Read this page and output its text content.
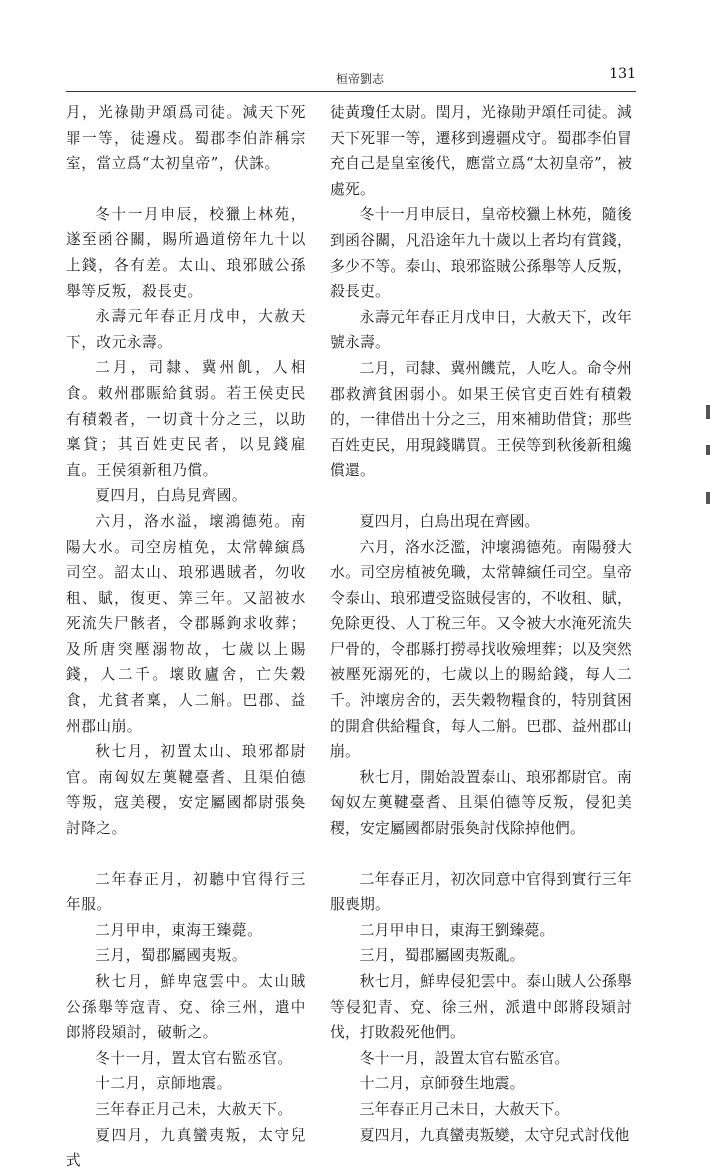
桓帝劉志	131

月，光祿勛尹頌爲司徒。減天下死罪一等，徒邊戍。蜀郡李伯詐稱宗室，當立爲“太初皇帝”，伏誅。

冬十一月申辰，校獵上林苑，遂至函谷關，賜所過道傍年九十以上錢，各有差。太山、琅邪賊公孫舉等反叛，殺長吏。

永壽元年春正月戊申，大赦天下，改元永壽。

二月，司隸、冀州飢，人相食。敕州郡賑給貧弱。若王侯吏民有積穀者，一切貣十分之三，以助稟貸；其百姓吏民者，以見錢雇直。王侯須新租乃償。

夏四月，白鳥見齊國。

六月，洛水溢，壞鴻德苑。南陽大水。司空房植免，太常韓縯爲司空。詔太山、琅邪遇賊者，勿收租、賦，復更、筭三年。又詔被水死流失尸骸者，令郡縣鉤求收葬；及所唐突壓溺物故，七歲以上賜錢，人二千。壞敗廬舍，亡失穀食，尤貧者稟，人二斛。巴郡、益州郡山崩。

秋七月，初置太山、琅邪都尉官。南匈奴左薁鞬臺耆、且渠伯德等叛，寇美稷，安定屬國都尉張奐討降之。

二年春正月，初聽中官得行三年服。

二月甲申，東海王臻薨。

三月，蜀郡屬國夷叛。

秋七月，鮮卑寇雲中。太山賊公孫舉等寇青、兗、徐三州，遣中郎將段熲討，破斬之。

冬十一月，置太官右監丞官。

十二月，京師地震。

三年春正月己未，大赦天下。

夏四月，九真蠻夷叛，太守兒式

徒黃瓊任太尉。閏月，光祿勛尹頌任司徒。減天下死罪一等，遷移到邊疆戍守。蜀郡李伯冒充自己是皇室後代，應當立爲“太初皇帝”，被處死。

冬十一月申辰日，皇帝校獵上林苑，隨後到函谷關，凡沿途年九十歲以上者均有賞錢，多少不等。泰山、琅邪盜賊公孫舉等人反叛，殺長吏。

永壽元年春正月戊申日，大赦天下，改年號永壽。

二月，司隸、冀州饑荒，人吃人。命令州郡救濟貧困弱小。如果王侯官吏百姓有積穀的，一律借出十分之三，用來補助借貸；那些百姓吏民，用現錢購買。王侯等到秋後新租纔償還。

夏四月，白鳥出現在齊國。

六月，洛水泛濫，沖壞鴻德苑。南陽發大水。司空房植被免職，太常韓縯任司空。皇帝令泰山、琅邪遭受盜賊侵害的，不收租、賦，免除更役、人丁稅三年。又令被大水淹死流失尸骨的，令郡縣打撈尋找收殮埋葬；以及突然被壓死溺死的，七歲以上的賜給錢，每人二千。沖壞房舍的，丟失穀物糧食的，特別貧困的開倉供給糧食，每人二斛。巴郡、益州郡山崩。

秋七月，開始設置泰山、琅邪都尉官。南匈奴左薁鞬臺耆、且渠伯德等反叛，侵犯美稷，安定屬國都尉張奐討伐除掉他們。

二年春正月，初次同意中官得到實行三年服喪期。

二月甲申日，東海王劉臻薨。

三月，蜀郡屬國夷叛亂。

秋七月，鮮卑侵犯雲中。泰山賊人公孫舉等侵犯青、兗、徐三州，派遣中郎將段熲討伐，打敗殺死他們。

冬十一月，設置太官右監丞官。

十二月，京師發生地震。

三年春正月己未日，大赦天下。

夏四月，九真蠻夷叛變，太守兒式討伐他
